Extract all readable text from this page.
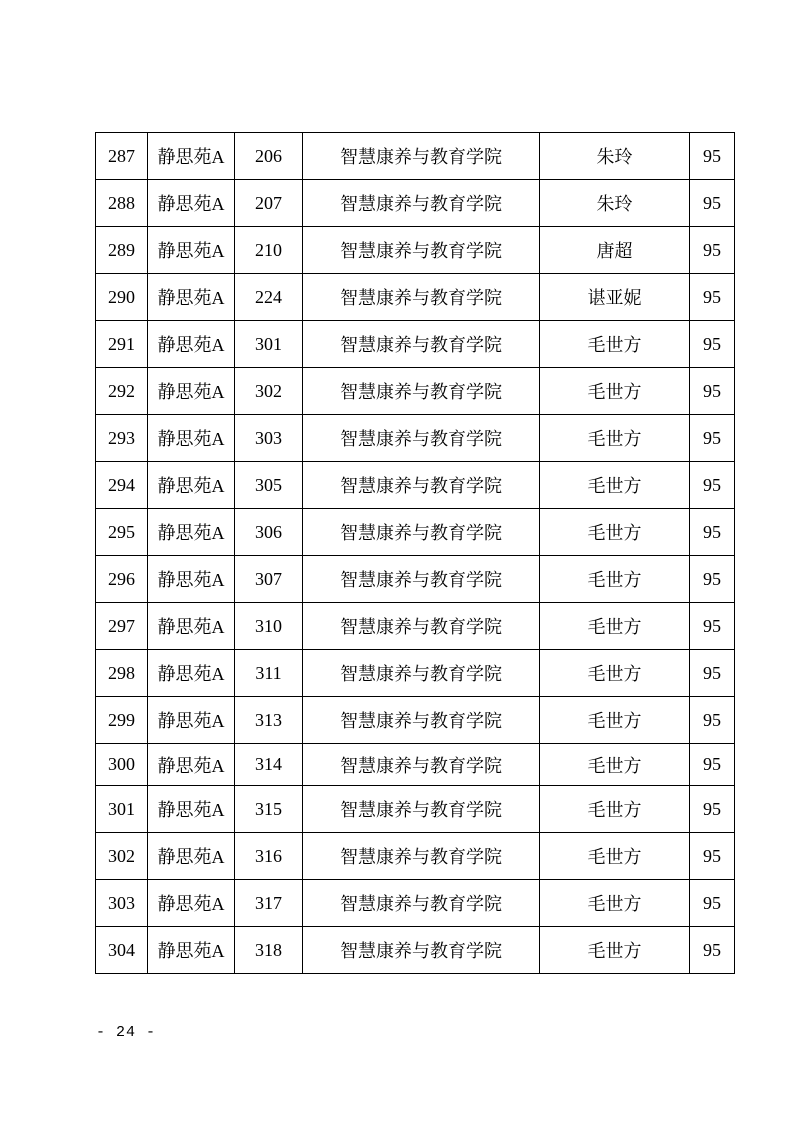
287	静思苑A	206	智慧康养与教育学院	朱玲	95
288	静思苑A	207	智慧康养与教育学院	朱玲	95
289	静思苑A	210	智慧康养与教育学院	唐超	95
290	静思苑A	224	智慧康养与教育学院	谌亚妮	95
291	静思苑A	301	智慧康养与教育学院	毛世方	95
292	静思苑A	302	智慧康养与教育学院	毛世方	95
293	静思苑A	303	智慧康养与教育学院	毛世方	95
294	静思苑A	305	智慧康养与教育学院	毛世方	95
295	静思苑A	306	智慧康养与教育学院	毛世方	95
296	静思苑A	307	智慧康养与教育学院	毛世方	95
297	静思苑A	310	智慧康养与教育学院	毛世方	95
298	静思苑A	311	智慧康养与教育学院	毛世方	95
299	静思苑A	313	智慧康养与教育学院	毛世方	95
300	静思苑A	314	智慧康养与教育学院	毛世方	95
301	静思苑A	315	智慧康养与教育学院	毛世方	95
302	静思苑A	316	智慧康养与教育学院	毛世方	95
303	静思苑A	317	智慧康养与教育学院	毛世方	95
304	静思苑A	318	智慧康养与教育学院	毛世方	95
- 24 -
